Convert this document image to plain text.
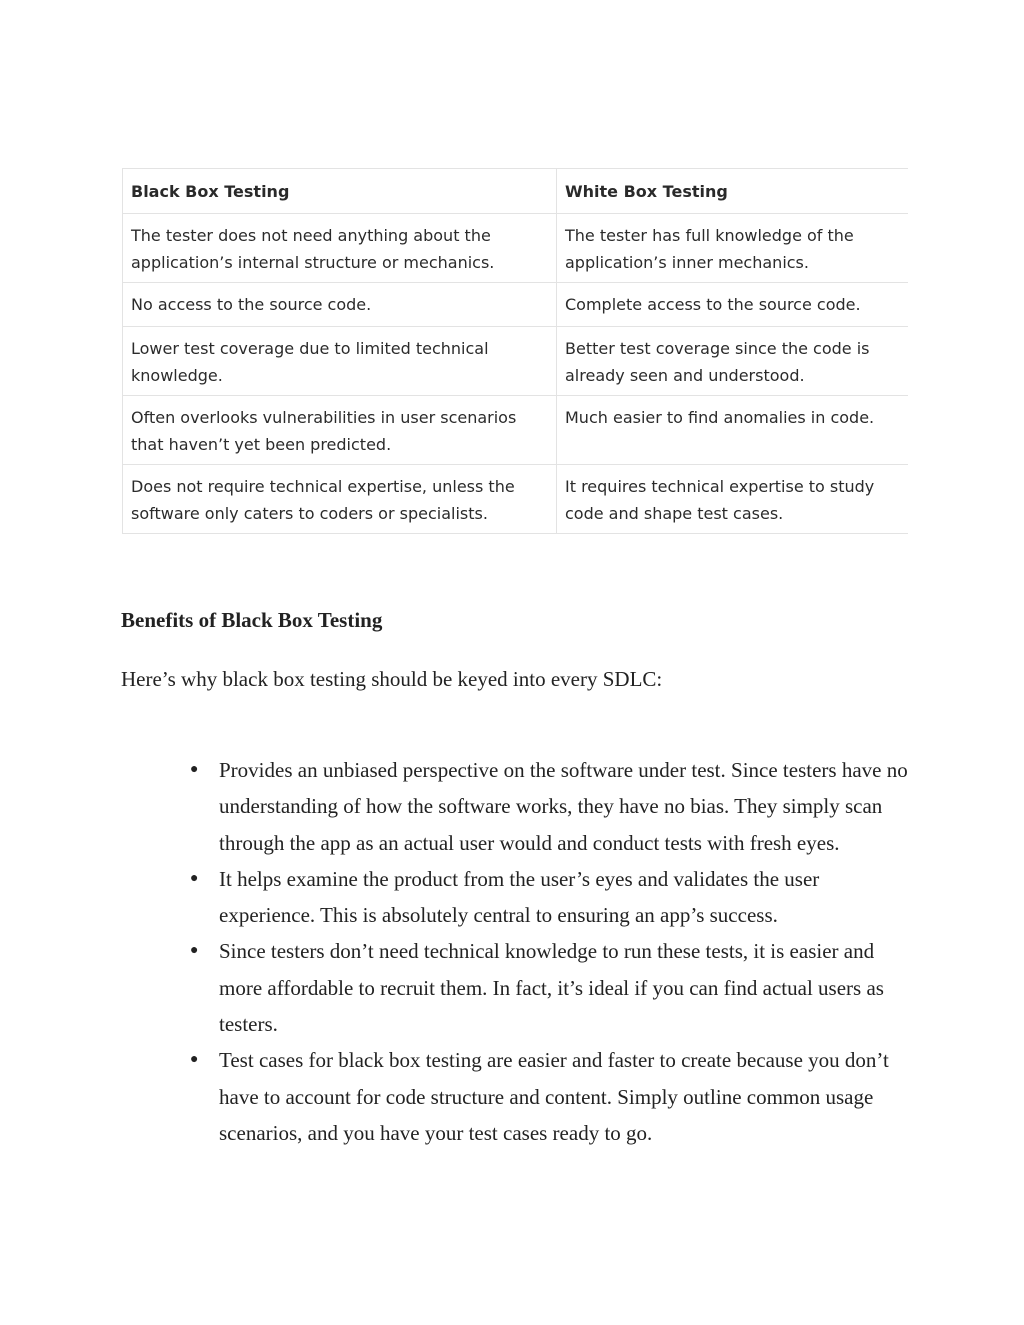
Black Box Testing	White Box Testing
The tester does not need anything about the application’s internal structure or mechanics.	The tester has full knowledge of the application’s inner mechanics.
No access to the source code.	Complete access to the source code.
Lower test coverage due to limited technical knowledge.	Better test coverage since the code is already seen and understood.
Often overlooks vulnerabilities in user scenarios that haven’t yet been predicted.	Much easier to find anomalies in code.
Does not require technical expertise, unless the software only caters to coders or specialists.	It requires technical expertise to study code and shape test cases.
Benefits of Black Box Testing

Here’s why black box testing should be keyed into every SDLC:

● Provides an unbiased perspective on the software under test. Since testers have no understanding of how the software works, they have no bias. They simply scan through the app as an actual user would and conduct tests with fresh eyes.
● It helps examine the product from the user’s eyes and validates the user experience. This is absolutely central to ensuring an app’s success.
● Since testers don’t need technical knowledge to run these tests, it is easier and more affordable to recruit them. In fact, it’s ideal if you can find actual users as testers.
● Test cases for black box testing are easier and faster to create because you don’t have to account for code structure and content. Simply outline common usage scenarios, and you have your test cases ready to go.
